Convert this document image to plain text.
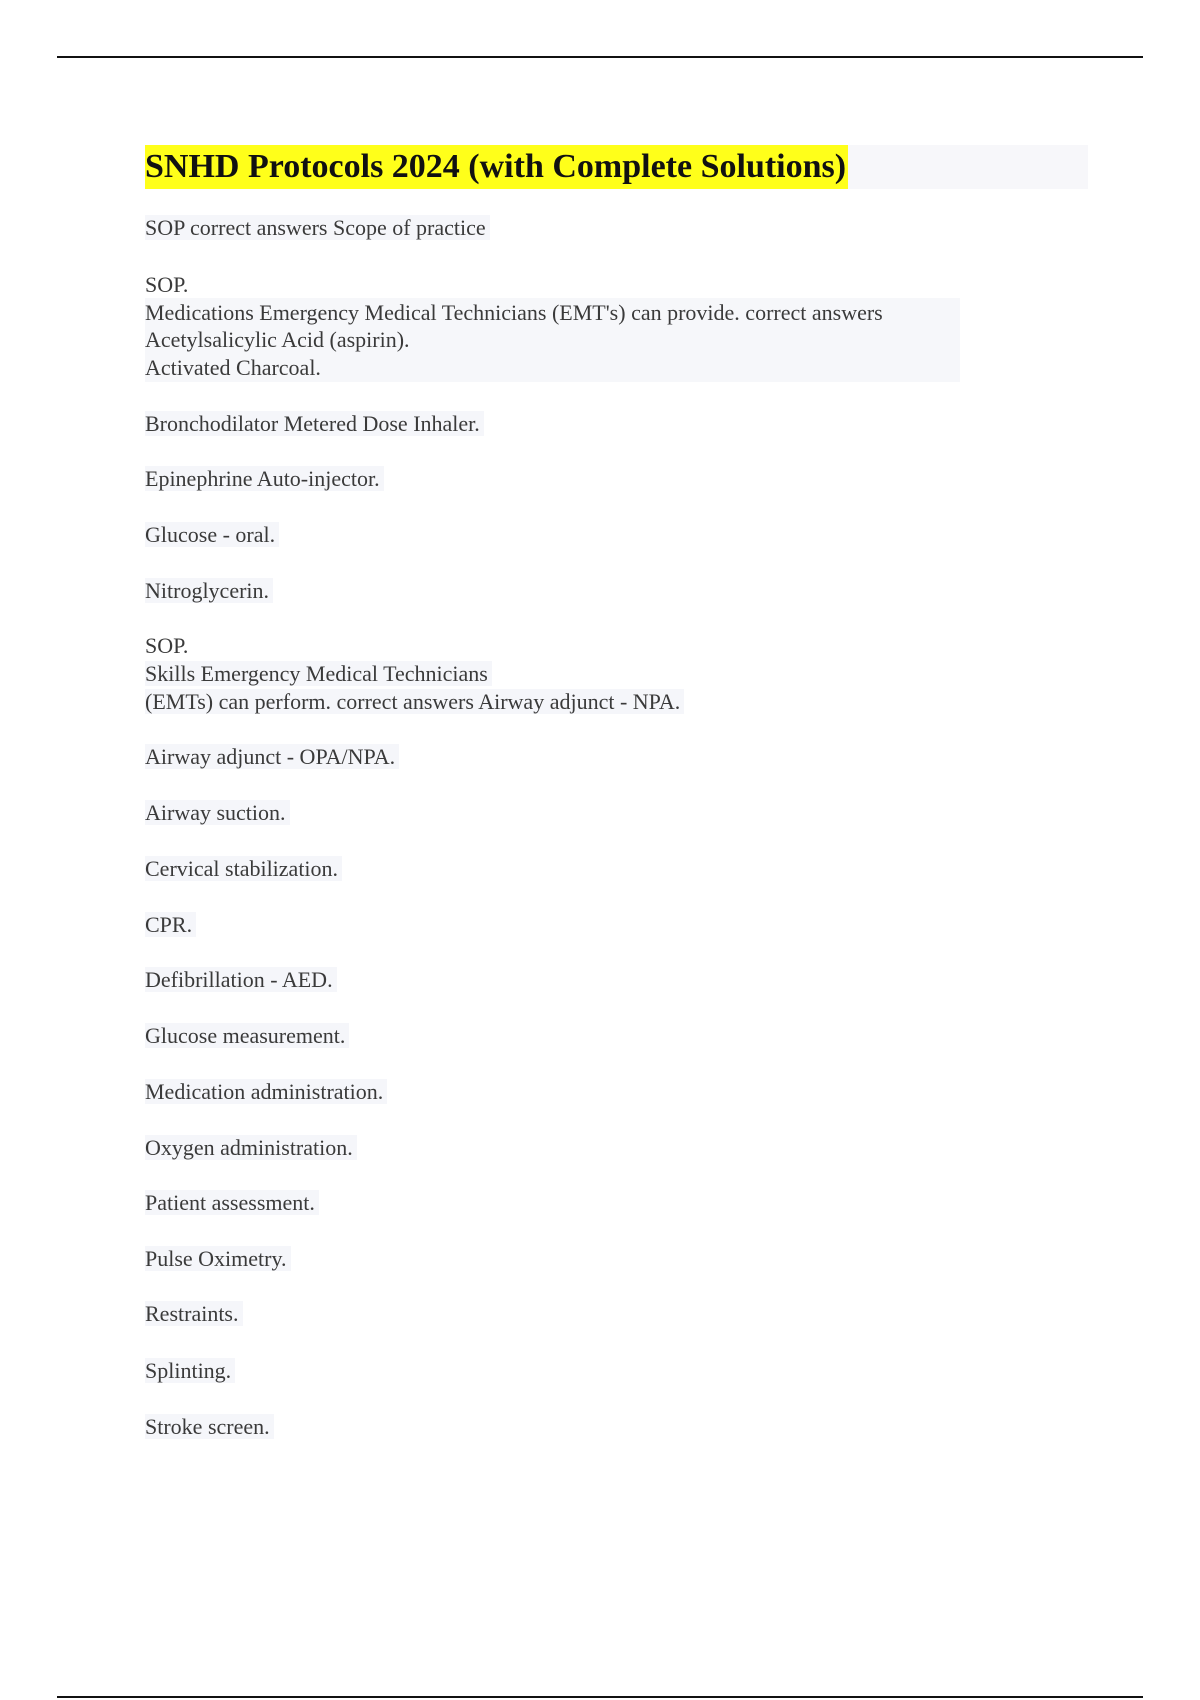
SNHD Protocols 2024 (with Complete Solutions)
SOP correct answers Scope of practice
SOP.
Medications Emergency Medical Technicians (EMT's) can provide. correct answers
Acetylsalicylic Acid (aspirin).
Activated Charcoal.
Bronchodilator Metered Dose Inhaler.
Epinephrine Auto-injector.
Glucose - oral.
Nitroglycerin.
SOP.
Skills Emergency Medical Technicians
(EMTs) can perform. correct answers Airway adjunct - NPA.
Airway adjunct - OPA/NPA.
Airway suction.
Cervical stabilization.
CPR.
Defibrillation - AED.
Glucose measurement.
Medication administration.
Oxygen administration.
Patient assessment.
Pulse Oximetry.
Restraints.
Splinting.
Stroke screen.
